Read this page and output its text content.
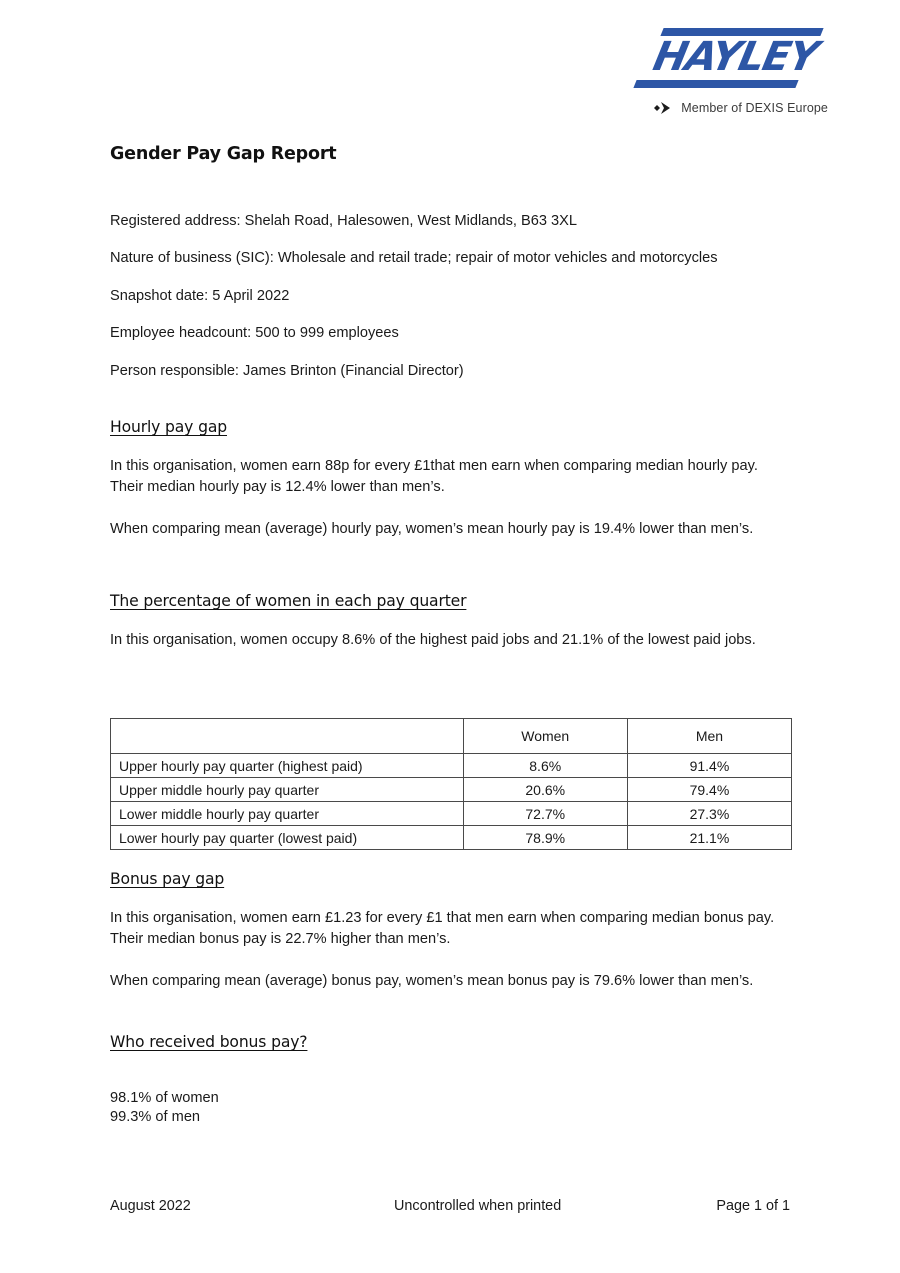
HAYLEY
Member of DEXIS Europe
Gender Pay Gap Report
Registered address: Shelah Road, Halesowen, West Midlands, B63 3XL
Nature of business (SIC): Wholesale and retail trade; repair of motor vehicles and motorcycles
Snapshot date: 5 April 2022
Employee headcount: 500 to 999 employees
Person responsible: James Brinton (Financial Director)
Hourly pay gap

In this organisation, women earn 88p for every £1that men earn when comparing median hourly pay. Their median hourly pay is 12.4% lower than men’s.

When comparing mean (average) hourly pay, women’s mean hourly pay is 19.4% lower than men’s.

The percentage of women in each pay quarter

In this organisation, women occupy 8.6% of the highest paid jobs and 21.1% of the lowest paid jobs.

	Women	Men
Upper hourly pay quarter (highest paid)	8.6%	91.4%
Upper middle hourly pay quarter	20.6%	79.4%
Lower middle hourly pay quarter	72.7%	27.3%
Lower hourly pay quarter (lowest paid)	78.9%	21.1%
Bonus pay gap

In this organisation, women earn £1.23 for every £1 that men earn when comparing median bonus pay. Their median bonus pay is 22.7% higher than men’s.

When comparing mean (average) bonus pay, women’s mean bonus pay is 79.6% lower than men’s.

Who received bonus pay?
98.1% of women
99.3% of men
August 2022	Uncontrolled when printed	Page 1 of 1
